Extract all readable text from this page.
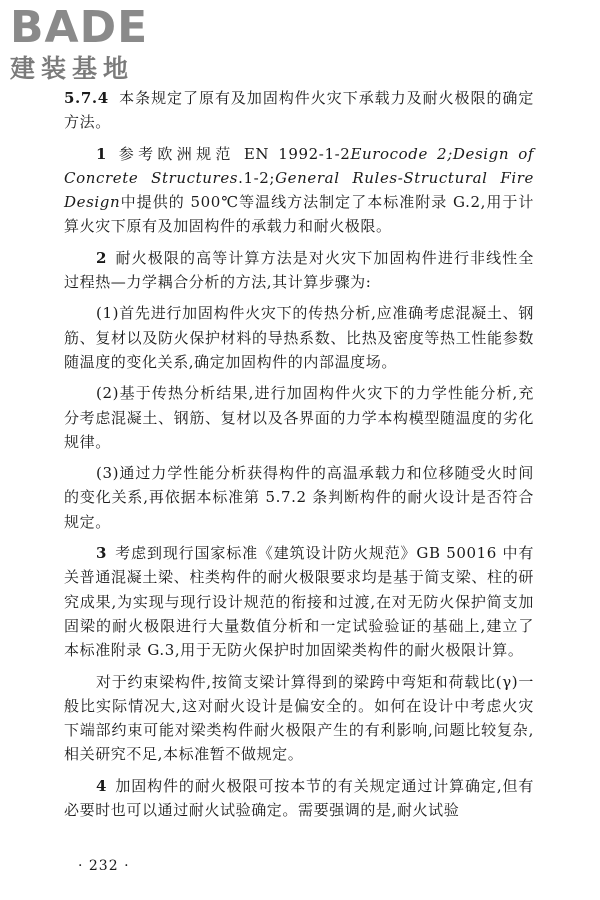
BADE
建装基地

5.7.4 本条规定了原有及加固构件火灾下承载力及耐火极限的确定方法。

1 参考欧洲规范 EN 1992-1-2Eurocode 2;Design of Concrete Structures.1-2;General Rules-Structural Fire Design中提供的 500℃等温线方法制定了本标准附录 G.2,用于计算火灾下原有及加固构件的承载力和耐火极限。

2 耐火极限的高等计算方法是对火灾下加固构件进行非线性全过程热—力学耦合分析的方法,其计算步骤为:

(1)首先进行加固构件火灾下的传热分析,应准确考虑混凝土、钢筋、复材以及防火保护材料的导热系数、比热及密度等热工性能参数随温度的变化关系,确定加固构件的内部温度场。

(2)基于传热分析结果,进行加固构件火灾下的力学性能分析,充分考虑混凝土、钢筋、复材以及各界面的力学本构模型随温度的劣化规律。

(3)通过力学性能分析获得构件的高温承载力和位移随受火时间的变化关系,再依据本标准第 5.7.2 条判断构件的耐火设计是否符合规定。

3 考虑到现行国家标准《建筑设计防火规范》GB 50016 中有关普通混凝土梁、柱类构件的耐火极限要求均是基于简支梁、柱的研究成果,为实现与现行设计规范的衔接和过渡,在对无防火保护简支加固梁的耐火极限进行大量数值分析和一定试验验证的基础上,建立了本标准附录 G.3,用于无防火保护时加固梁类构件的耐火极限计算。

对于约束梁构件,按简支梁计算得到的梁跨中弯矩和荷载比(γ)一般比实际情况大,这对耐火设计是偏安全的。如何在设计中考虑火灾下端部约束可能对梁类构件耐火极限产生的有利影响,问题比较复杂,相关研究不足,本标准暂不做规定。

4 加固构件的耐火极限可按本节的有关规定通过计算确定,但有必要时也可以通过耐火试验确定。需要强调的是,耐火试验

· 232 ·
